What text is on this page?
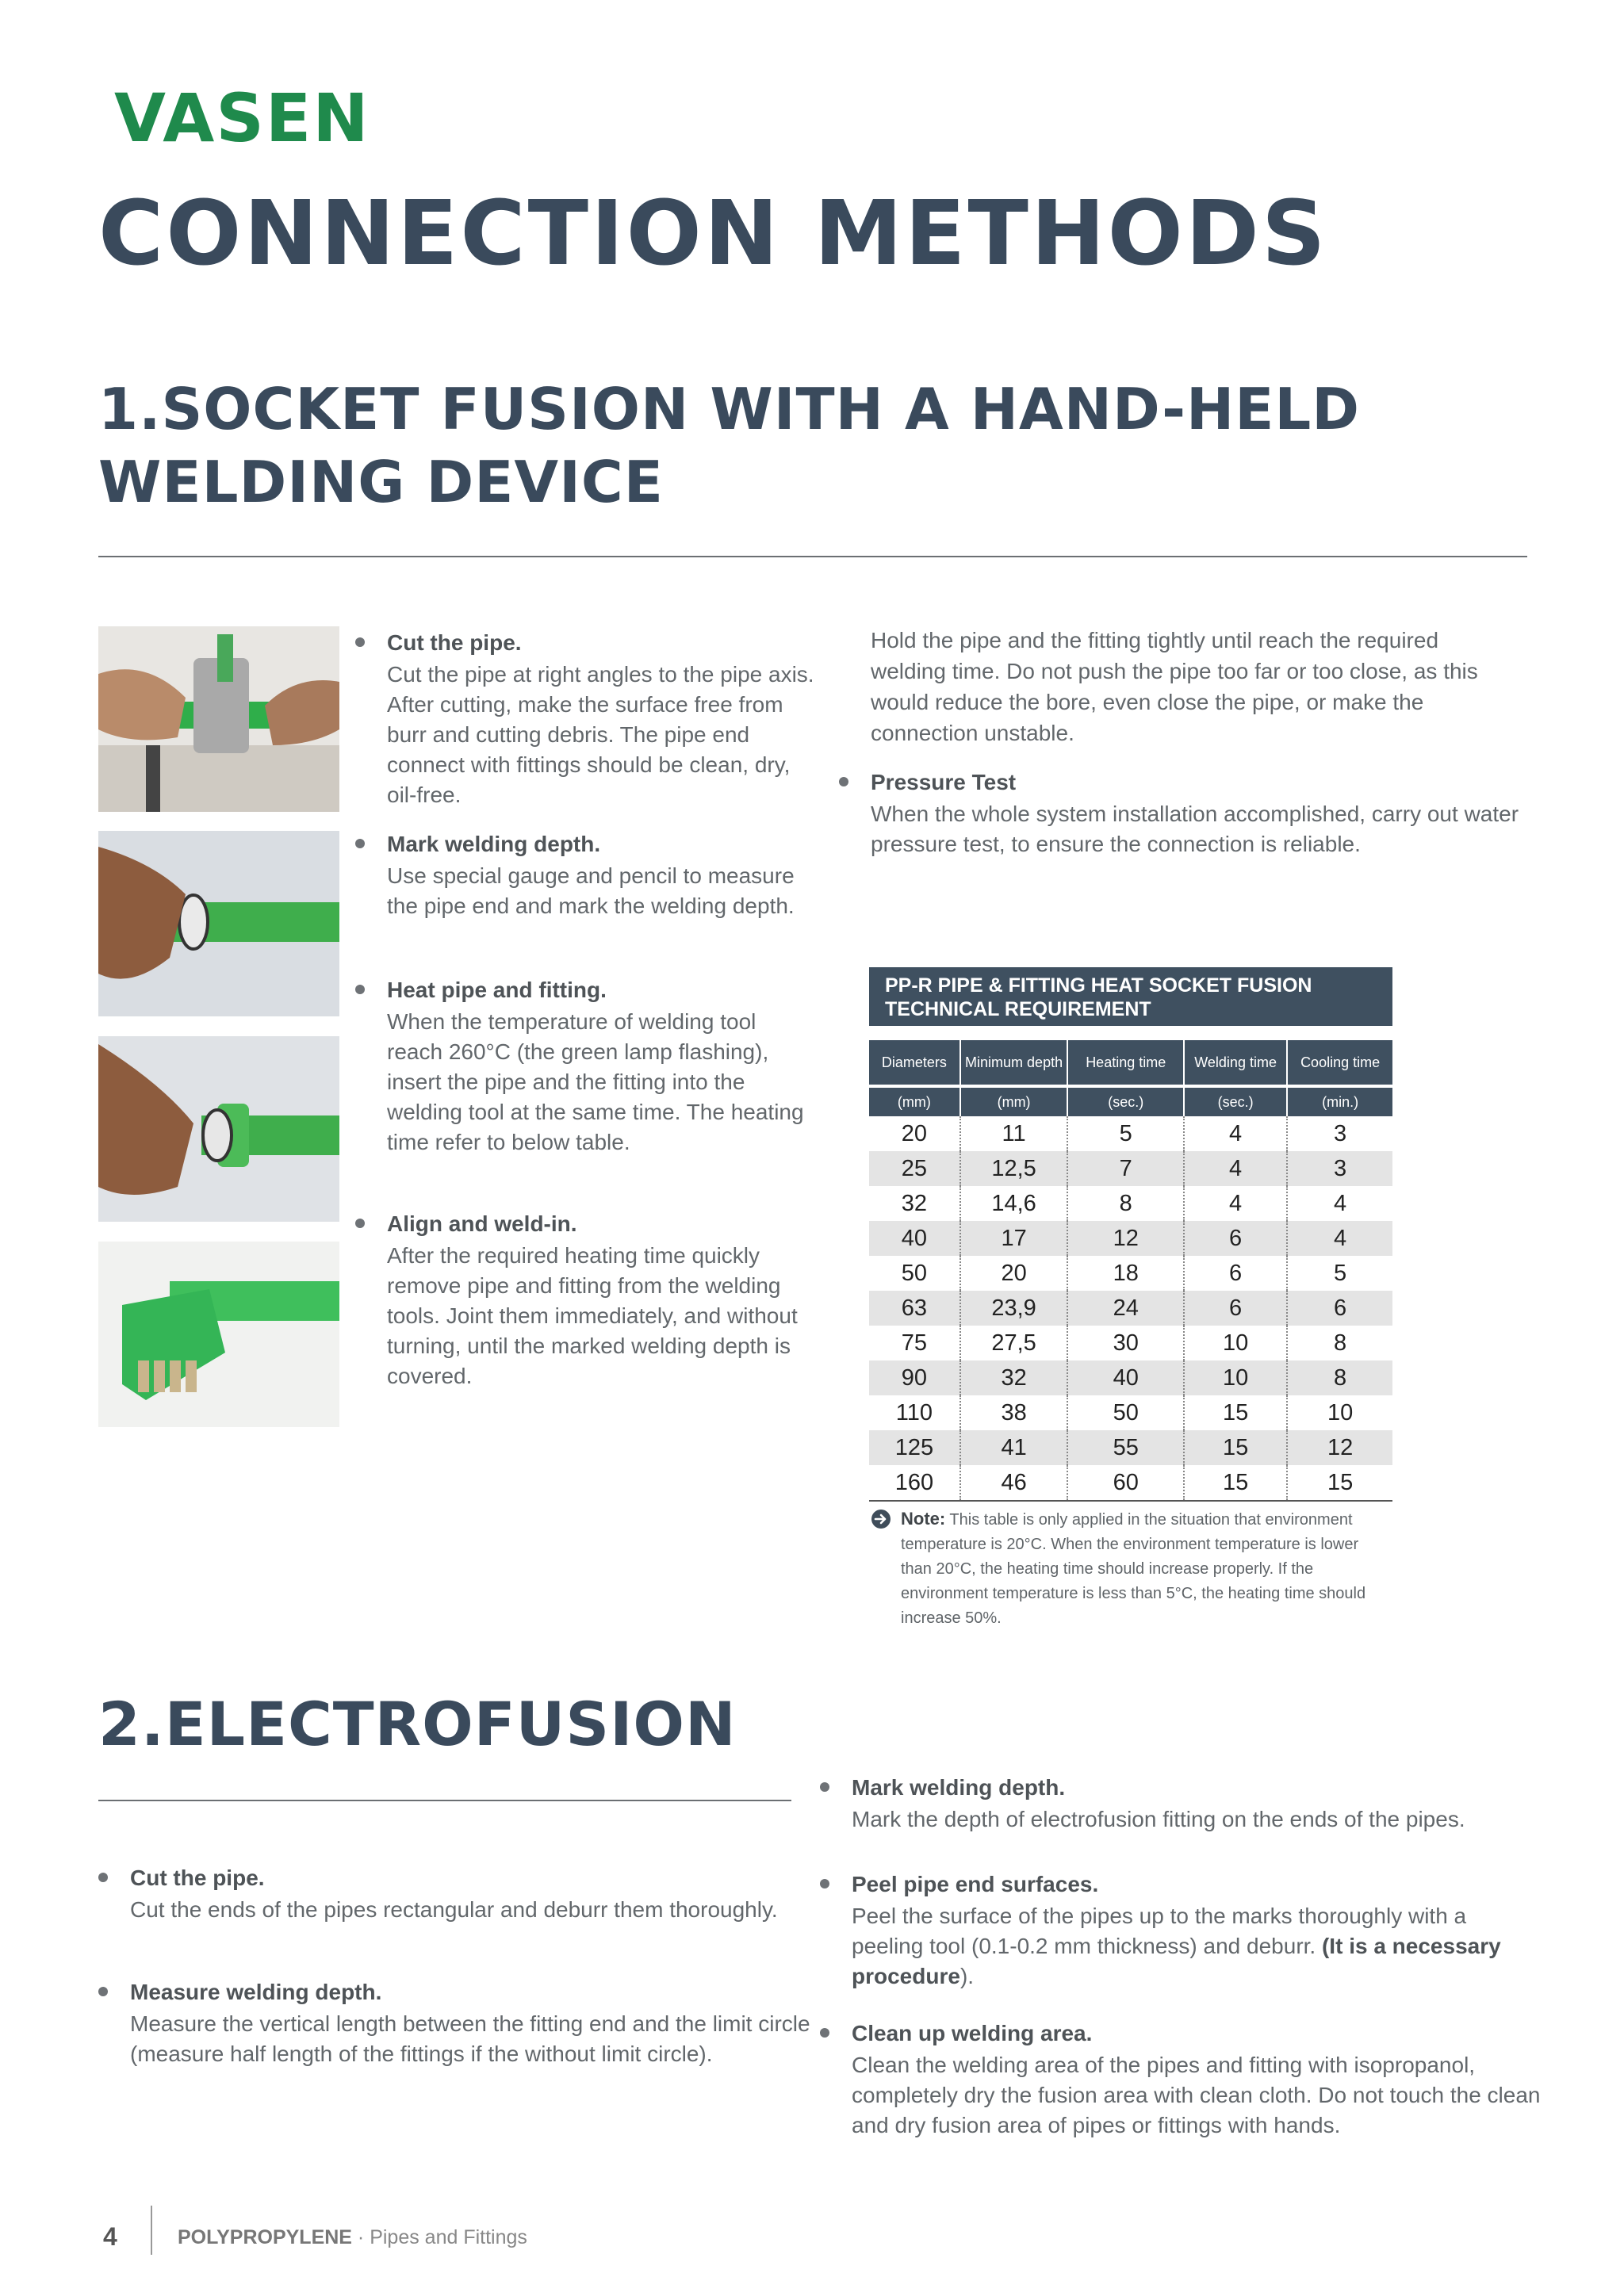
VASEN
CONNECTION METHODS
1.SOCKET FUSION WITH A HAND-HELD WELDING DEVICE
Cut the pipe.
Cut the pipe at right angles to the pipe axis. After cutting, make the surface free from burr and cutting debris. The pipe end connect with fittings should be clean, dry, oil-free.
Mark welding depth.
Use special gauge and pencil to measure the pipe end and mark the welding depth.
Heat pipe and fitting.
When the temperature of welding tool reach 260°C (the green lamp flashing), insert the pipe and the fitting into the welding tool at the same time. The heating time refer to below table.
Align and weld-in.
After the required heating time quickly remove pipe and fitting from the welding tools. Joint them immediately, and without turning, until the marked welding depth is covered.
Hold the pipe and the fitting tightly until reach the required welding time. Do not push the pipe too far or too close, as this would reduce the bore, even close the pipe, or make the connection unstable.
Pressure Test
When the whole system installation accomplished, carry out water pressure test, to ensure the connection is reliable.
PP-R PIPE & FITTING HEAT SOCKET FUSION
TECHNICAL REQUIREMENT
Diameters	Minimum depth	Heating time	Welding time	Cooling time
(mm)	(mm)	(sec.)	(sec.)	(min.)
20	11	5	4	3
25	12,5	7	4	3
32	14,6	8	4	4
40	17	12	6	4
50	20	18	6	5
63	23,9	24	6	6
75	27,5	30	10	8
90	32	40	10	8
110	38	50	15	10
125	41	55	15	12
160	46	60	15	15
Note: This table is only applied in the situation that environment temperature is 20°C. When the environment temperature is lower than 20°C, the heating time should increase properly. If the environment temperature is less than 5°C, the heating time should increase 50%.
2.ELECTROFUSION
Cut the pipe.
Cut the ends of the pipes rectangular and deburr them thoroughly.
Measure welding depth.
Measure the vertical length between the fitting end and the limit circle (measure half length of the fittings if the without limit circle).
Mark welding depth.
Mark the depth of electrofusion fitting on the ends of the pipes.
Peel pipe end surfaces.
Peel the surface of the pipes up to the marks thoroughly with a peeling tool (0.1-0.2 mm thickness) and deburr. (It is a necessary procedure).
Clean up welding area.
Clean the welding area of the pipes and fitting with isopropanol, completely dry the fusion area with clean cloth. Do not touch the clean and dry fusion area of pipes or fittings with hands.
4	POLYPROPYLENE · Pipes and Fittings
